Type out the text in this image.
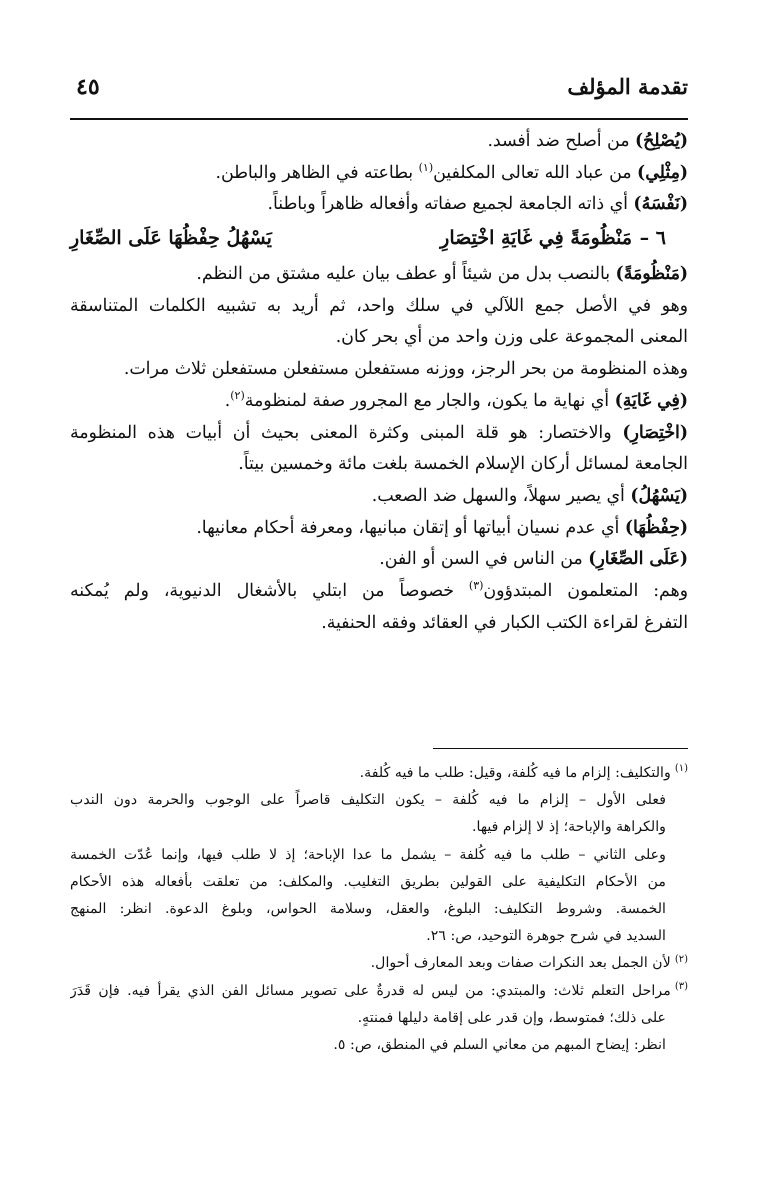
تقدمة المؤلف
٤٥
(يُصْلِحُ) من أصلح ضد أفسد.
(مِثْلِي) من عباد الله تعالى المكلفين$^{(١)}$ بطاعته في الظاهر والباطن.
(نَفْسَهُ) أي ذاته الجامعة لجميع صفاته وأفعاله ظاهراً وباطناً.
٦ –
مَنْظُومَةً فِي غَايَةِ اخْتِصَارِ
يَسْهُلُ حِفْظُهَا عَلَى الصِّغَارِ
(مَنْظُومَةً) بالنصب بدل من شيئاً أو عطف بيان عليه مشتق من النظم.
وهو في الأصل جمع اللآلي في سلك واحد، ثم أريد به تشبيه الكلمات المتناسقة
المعنى المجموعة على وزن واحد من أي بحر كان.
وهذه المنظومة من بحر الرجز، ووزنه مستفعلن مستفعلن مستفعلن ثلاث مرات.
(فِي غَايَةِ) أي نهاية ما يكون، والجار مع المجرور صفة لمنظومة$^{(٢)}$.
(اخْتِصَارِ) والاختصار: هو قلة المبنى وكثرة المعنى بحيث أن أبيات هذه المنظومة
الجامعة لمسائل أركان الإسلام الخمسة بلغت مائة وخمسين بيتاً.
(يَسْهُلُ) أي يصير سهلاً، والسهل ضد الصعب.
(حِفْظُهَا) أي عدم نسيان أبياتها أو إتقان مبانيها، ومعرفة أحكام معانيها.
(عَلَى الصِّغَارِ) من الناس في السن أو الفن.
وهم: المتعلمون المبتدؤون$^{(٣)}$ خصوصاً من ابتلي بالأشغال الدنيوية، ولم يُمكنه
التفرغ لقراءة الكتب الكبار في العقائد وفقه الحنفية.
$^{(١)}$والتكليف: إلزام ما فيه كُلفة، وقيل: طلب ما فيه كُلفة.
فعلى الأول – إلزام ما فيه كُلفة – يكون التكليف قاصراً على الوجوب والحرمة دون الندب
والكراهة والإباحة؛ إذ لا إلزام فيها.
وعلى الثاني – طلب ما فيه كُلفة – يشمل ما عدا الإباحة؛ إذ لا طلب فيها، وإنما عُدّت الخمسة
من الأحكام التكليفية على القولين بطريق التغليب. والمكلف: من تعلقت بأفعاله هذه الأحكام
الخمسة. وشروط التكليف: البلوغ، والعقل، وسلامة الحواس، وبلوغ الدعوة. انظر: المنهج
السديد في شرح جوهرة التوحيد، ص: ٢٦.
$^{(٢)}$لأن الجمل بعد النكرات صفات وبعد المعارف أحوال.
$^{(٣)}$مراحل التعلم ثلاث: والمبتدي: من ليس له قدرةٌ على تصوير مسائل الفن الذي يقرأ فيه. فإن قَدَرَ
على ذلك؛ فمتوسط، وإن قدر على إقامة دليلها فمنتهٍ.
انظر: إيضاح المبهم من معاني السلم في المنطق، ص: ٥.
